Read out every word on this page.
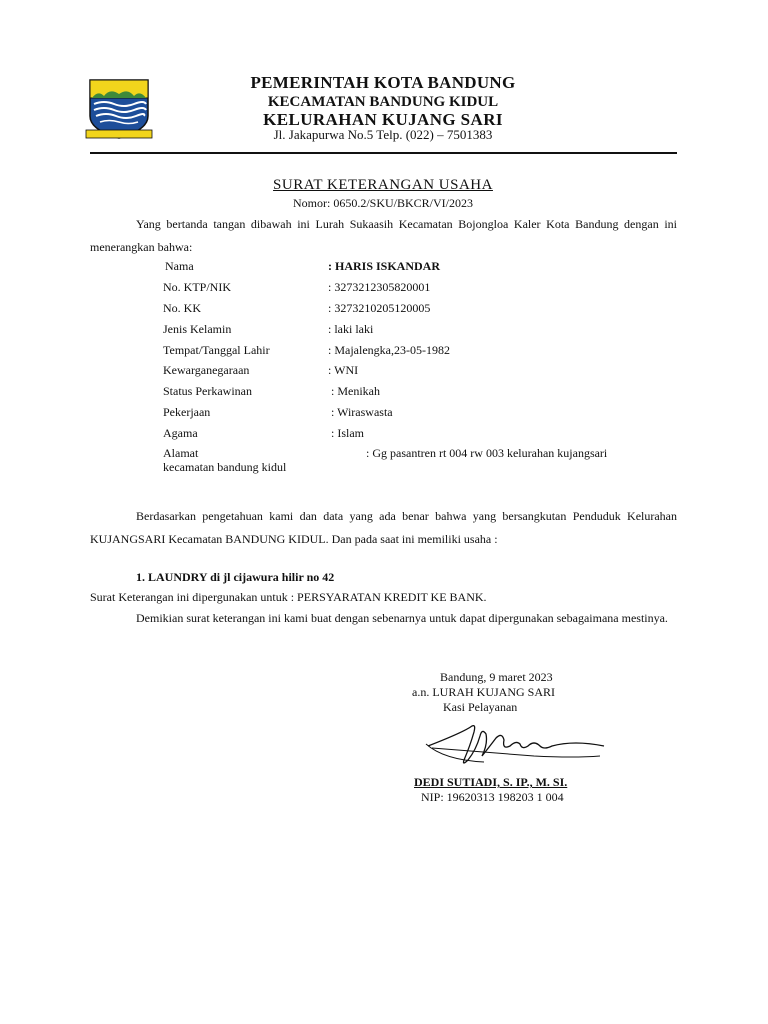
PEMERINTAH KOTA BANDUNG
KECAMATAN BANDUNG KIDUL
KELURAHAN KUJANG SARI
Jl. Jakapurwa No.5 Telp. (022) – 7501383
SURAT KETERANGAN USAHA
Nomor: 0650.2/SKU/BKCR/VI/2023
Yang bertanda tangan dibawah ini Lurah Sukaasih Kecamatan Bojongloa Kaler Kota Bandung dengan ini menerangkan bahwa:
Nama	: HARIS ISKANDAR
No. KTP/NIK	: 3273212305820001
No. KK	: 3273210205120005
Jenis Kelamin	: laki laki
Tempat/Tanggal Lahir	: Majalengka,23-05-1982
Kewarganegaraan	: WNI
Status Perkawinan	: Menikah
Pekerjaan	: Wiraswasta
Agama	: Islam
Alamat	: Gg pasantren rt 004 rw 003 kelurahan kujangsari
kecamatan bandung kidul
Berdasarkan pengetahuan kami dan data yang ada benar bahwa yang bersangkutan Penduduk Kelurahan KUJANGSARI Kecamatan BANDUNG KIDUL. Dan pada saat ini memiliki usaha :
1. LAUNDRY di jl cijawura hilir no 42
Surat Keterangan ini dipergunakan untuk : PERSYARATAN KREDIT KE BANK.
Demikian surat keterangan ini kami buat dengan sebenarnya untuk dapat dipergunakan sebagaimana mestinya.
Bandung, 9 maret 2023
a.n. LURAH KUJANG SARI
Kasi Pelayanan
DEDI SUTIADI, S. IP., M. SI.
NIP: 19620313 198203 1 004
